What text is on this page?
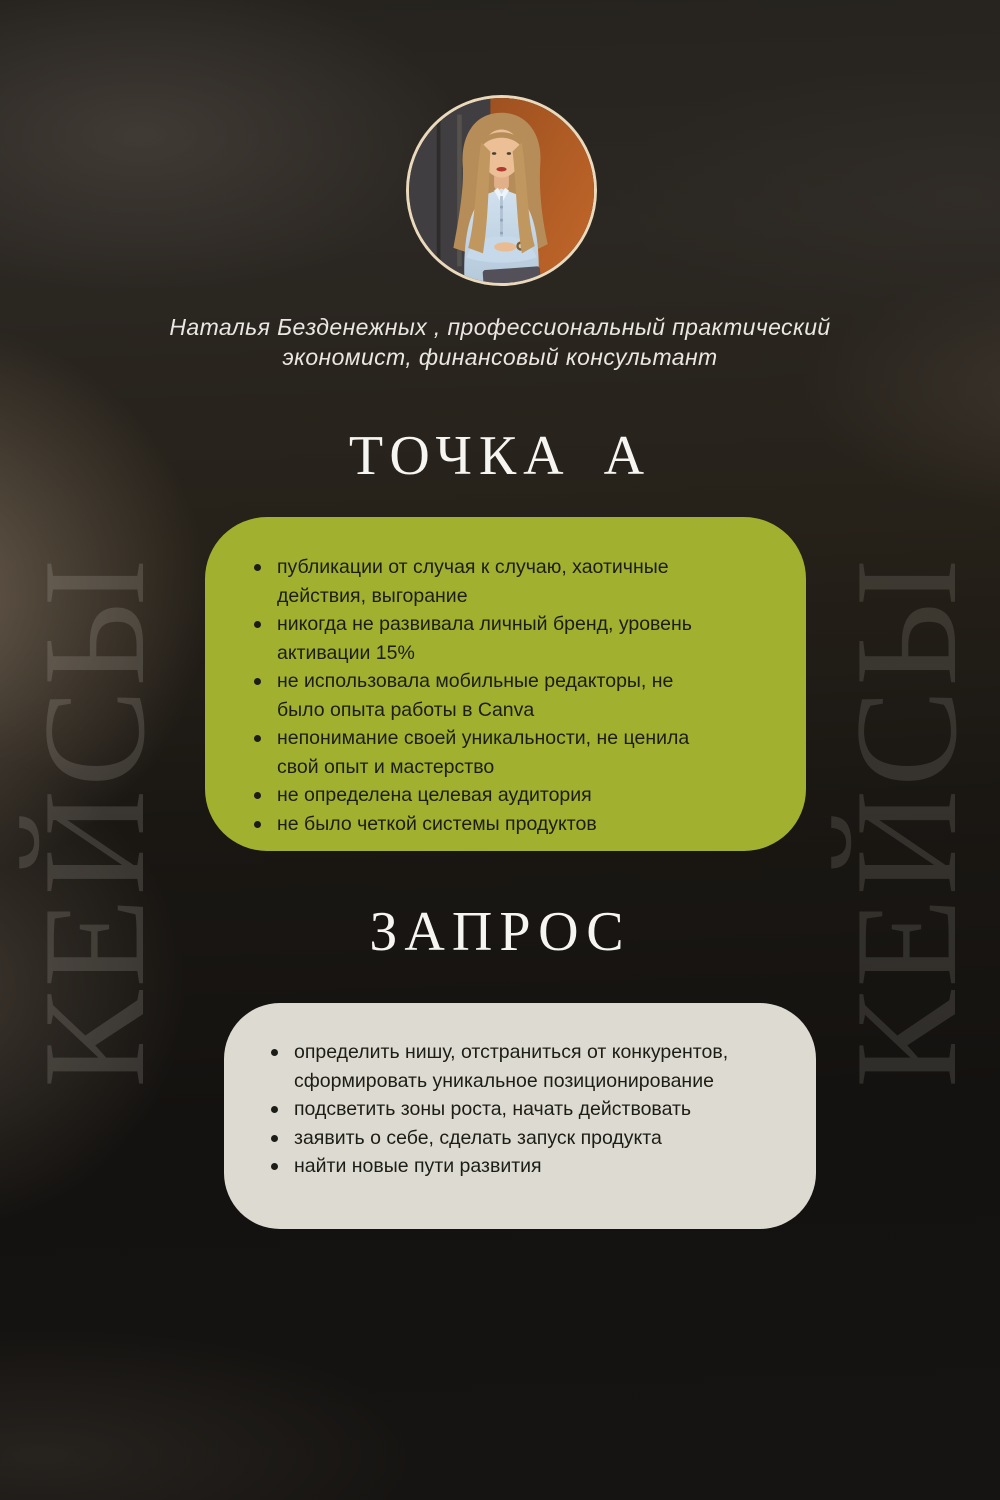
КЕЙСЫ	КЕЙСЫ
Наталья Безденежных , профессиональный практический
экономист, финансовый консультант
ТОЧКА А
публикации от случая к случаю, хаотичные действия, выгорание
никогда не развивала личный бренд, уровень активации 15%
не использовала мобильные редакторы, не было опыта работы в Canva
непонимание своей уникальности, не ценила свой опыт и мастерство
не определена целевая аудитория
не было четкой системы продуктов
ЗАПРОС
определить нишу, отстраниться от конкурентов, сформировать уникальное позиционирование
подсветить зоны роста, начать действовать
заявить о себе, сделать запуск продукта
найти новые пути развития
